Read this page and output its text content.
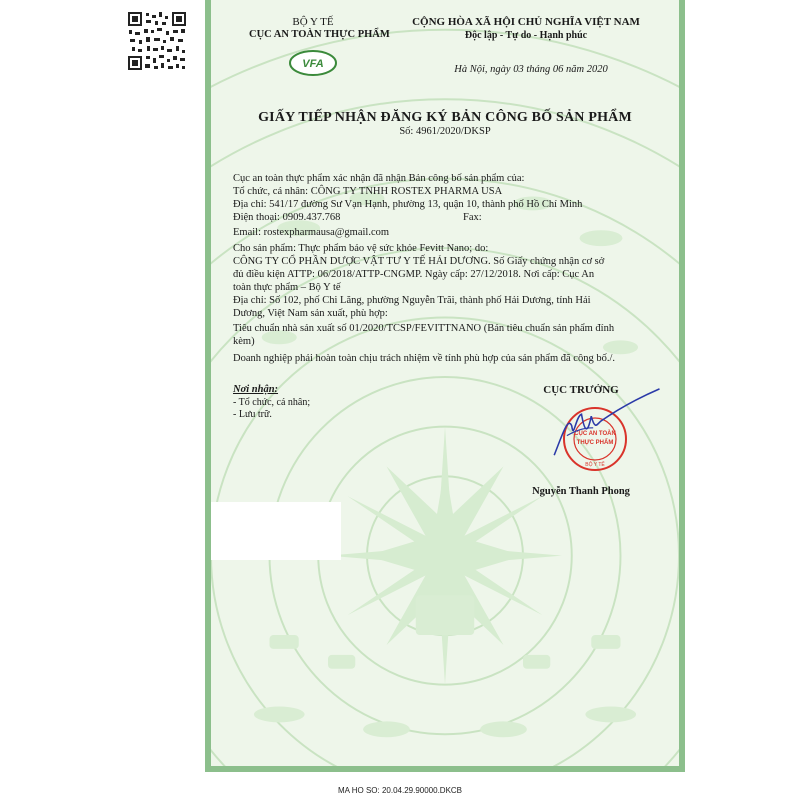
BỘ Y TẾ
CỤC AN TOÀN THỰC PHẨM
VFA
CỘNG HÒA XÃ HỘI CHỦ NGHĨA VIỆT NAM
Độc lập - Tự do - Hạnh phúc
Hà Nội, ngày 03 tháng 06 năm 2020
GIẤY TIẾP NHẬN ĐĂNG KÝ BẢN CÔNG BỐ SẢN PHẨM
Số: 4961/2020/DKSP
Cục an toàn thực phẩm xác nhận đã nhận Bản công bố sản phẩm của:
Tổ chức, cá nhân: CÔNG TY TNHH ROSTEX PHARMA USA
Địa chỉ: 541/17 đường Sư Vạn Hạnh, phường 13, quận 10, thành phố Hồ Chí Minh
Điện thoại: 0909.437.768	Fax:
Email: rostexpharmausa@gmail.com
Cho sản phẩm: Thực phẩm bảo vệ sức khỏe Fevitt Nano; do:
CÔNG TY CỔ PHẦN DƯỢC VẬT TƯ Y TẾ HẢI DƯƠNG. Số Giấy chứng nhận cơ sở
đủ điều kiện ATTP: 06/2018/ATTP-CNGMP. Ngày cấp: 27/12/2018. Nơi cấp: Cục An
toàn thực phẩm – Bộ Y tế
Địa chỉ: Số 102, phố Chi Lăng, phường Nguyễn Trãi, thành phố Hải Dương, tỉnh Hải
Dương, Việt Nam sản xuất, phù hợp:
Tiêu chuẩn nhà sản xuất số 01/2020/TCSP/FEVITTNANO (Bản tiêu chuẩn sản phẩm đính
kèm)
Doanh nghiệp phải hoàn toàn chịu trách nhiệm về tính phù hợp của sản phẩm đã công bố./.
Nơi nhận:
- Tổ chức, cá nhân;
- Lưu trữ.
CỤC TRƯỞNG
CỤC AN TOÀN
THỰC PHẨM
BỘ Y TẾ
Nguyễn Thanh Phong
MA HO SO: 20.04.29.90000.DKCB
